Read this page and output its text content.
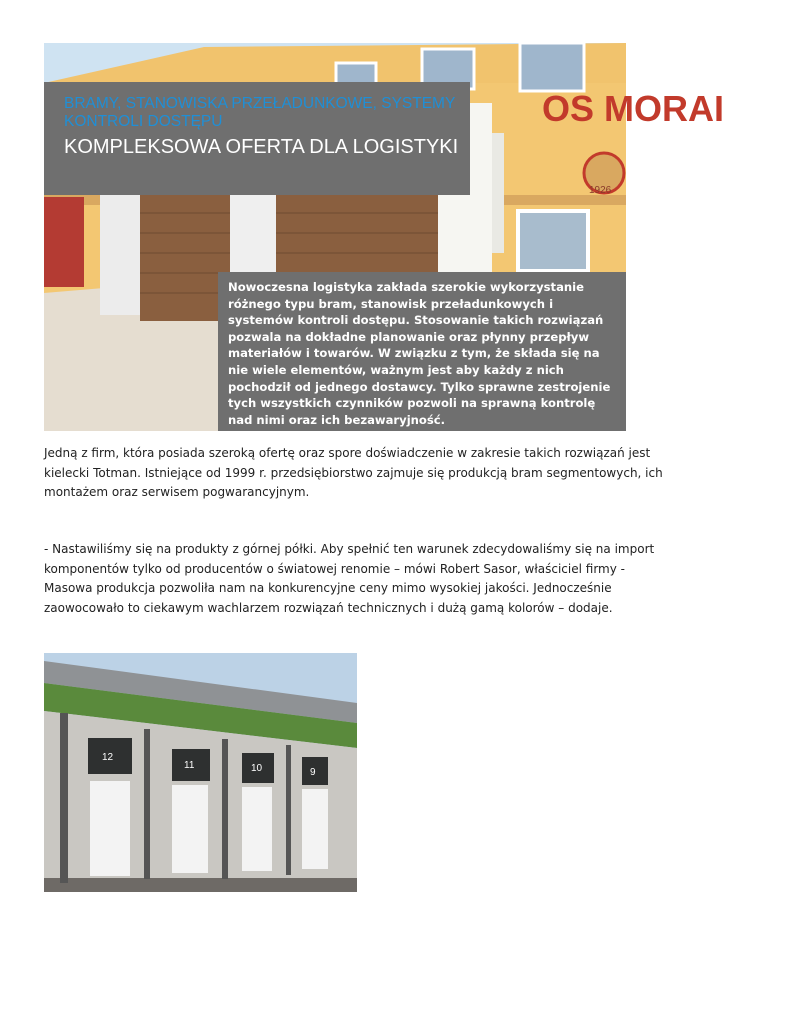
OS MORAI
1926

BRAMY, STANOWISKA PRZEŁADUNKOWE, SYSTEMY KONTROLI DOSTĘPU

KOMPLEKSOWA OFERTA DLA LOGISTYKI

Nowoczesna logistyka zakłada szerokie wykorzystanie różnego typu bram, stanowisk przeładunkowych i systemów kontroli dostępu. Stosowanie takich rozwiązań pozwala na dokładne planowanie oraz płynny przepływ materiałów i towarów. W związku z tym, że składa się na nie wiele elementów, ważnym jest aby każdy z nich pochodził od jednego dostawcy. Tylko sprawne zestrojenie tych wszystkich czynników pozwoli na sprawną kontrolę nad nimi oraz ich bezawaryjność.

Jedną z firm, która posiada szeroką ofertę oraz spore doświadczenie w zakresie takich rozwiązań jest kielecki Totman. Istniejące od 1999 r. przedsiębiorstwo zajmuje się produkcją bram segmentowych, ich montażem oraz serwisem pogwarancyjnym.

- Nastawiliśmy się na produkty z górnej półki. Aby spełnić ten warunek zdecydowaliśmy się na import komponentów tylko od producentów o światowej renomie – mówi Robert Sasor, właściciel firmy - Masowa produkcja pozwoliła nam na konkurencyjne ceny mimo wysokiej jakości. Jednocześnie zaowocowało to ciekawym wachlarzem rozwiązań technicznych i dużą gamą kolorów – dodaje.

12
11	10	9
